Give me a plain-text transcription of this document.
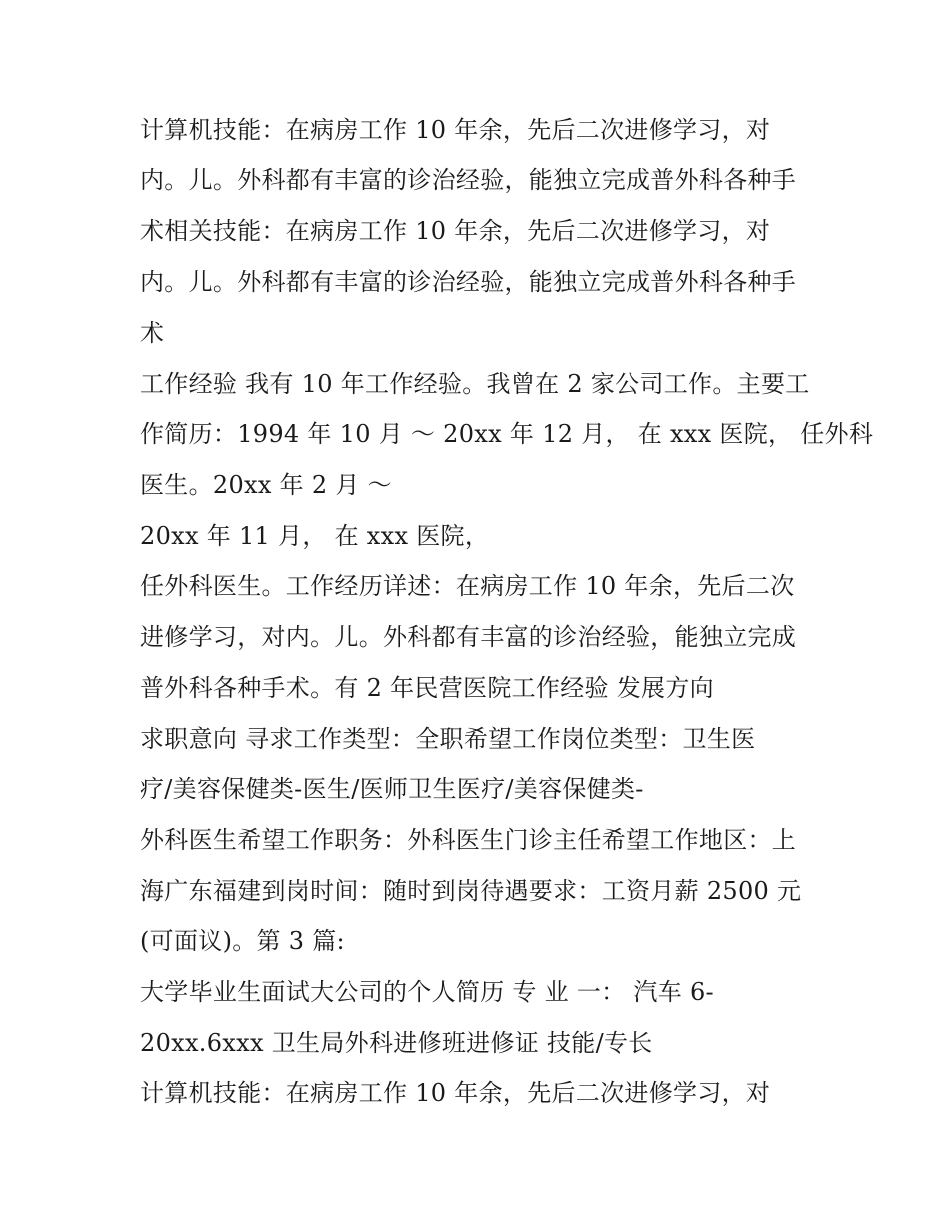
计算机技能：在病房工作 10 年余，先后二次进修学习，对

内。儿。外科都有丰富的诊治经验，能独立完成普外科各种手

术相关技能：在病房工作 10 年余，先后二次进修学习，对

内。儿。外科都有丰富的诊治经验，能独立完成普外科各种手

术

工作经验 我有 10 年工作经验。我曾在 2 家公司工作。主要工

作简历：1994 年 10 月 ～ 20xx 年 12 月， 在 xxx 医院， 任外科

医生。20xx 年 2 月 ～

20xx 年 11 月， 在 xxx 医院，

任外科医生。工作经历详述：在病房工作 10 年余，先后二次

进修学习，对内。儿。外科都有丰富的诊治经验，能独立完成

普外科各种手术。有 2 年民营医院工作经验 发展方向

求职意向 寻求工作类型：全职希望工作岗位类型：卫生医

疗/美容保健类-医生/医师卫生医疗/美容保健类-

外科医生希望工作职务：外科医生门诊主任希望工作地区：上

海广东福建到岗时间：随时到岗待遇要求：工资月薪 2500 元

(可面议)。第 3 篇:

大学毕业生面试大公司的个人简历 专 业 一： 汽车 6-

20xx.6xxx 卫生局外科进修班进修证 技能/专长

计算机技能：在病房工作 10 年余，先后二次进修学习，对
